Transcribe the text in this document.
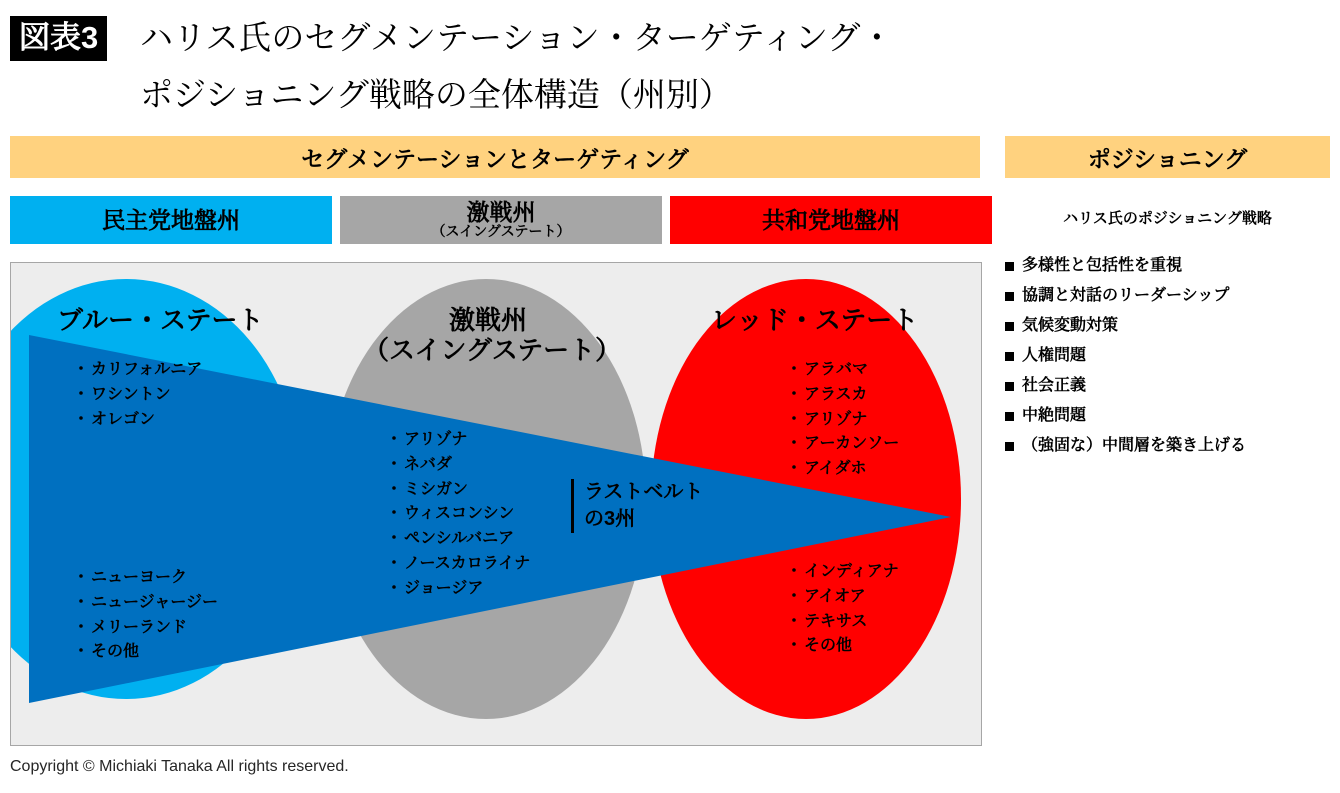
図表3 ハリス氏のセグメンテーション・ターゲティング・
ポジショニング戦略の全体構造（州別）
セグメンテーションとターゲティング	ポジショニング
民主党地盤州	激戦州
（スイングステート）	共和党地盤州	ハリス氏のポジショニング戦略
ブルー・ステート	激戦州
（スイングステート）
レッド・ステート
・ カリフォルニア
・ ワシントン
・ オレゴン
・ ニューヨーク
・ ニュージャージー
・ メリーランド
・ その他
・ アリゾナ
・ ネバダ
・ ミシガン
・ ウィスコンシン
・ ペンシルバニア
・ ノースカロライナ
・ ジョージア
ラストベルト
の3州
・ アラバマ
・ アラスカ
・ アリゾナ
・ アーカンソー
・ アイダホ
・ インディアナ
・ アイオア
・ テキサス
・ その他
多様性と包括性を重視
協調と対話のリーダーシップ
気候変動対策
人権問題
社会正義
中絶問題
（強固な）中間層を築き上げる
Copyright © Michiaki Tanaka All rights reserved.
